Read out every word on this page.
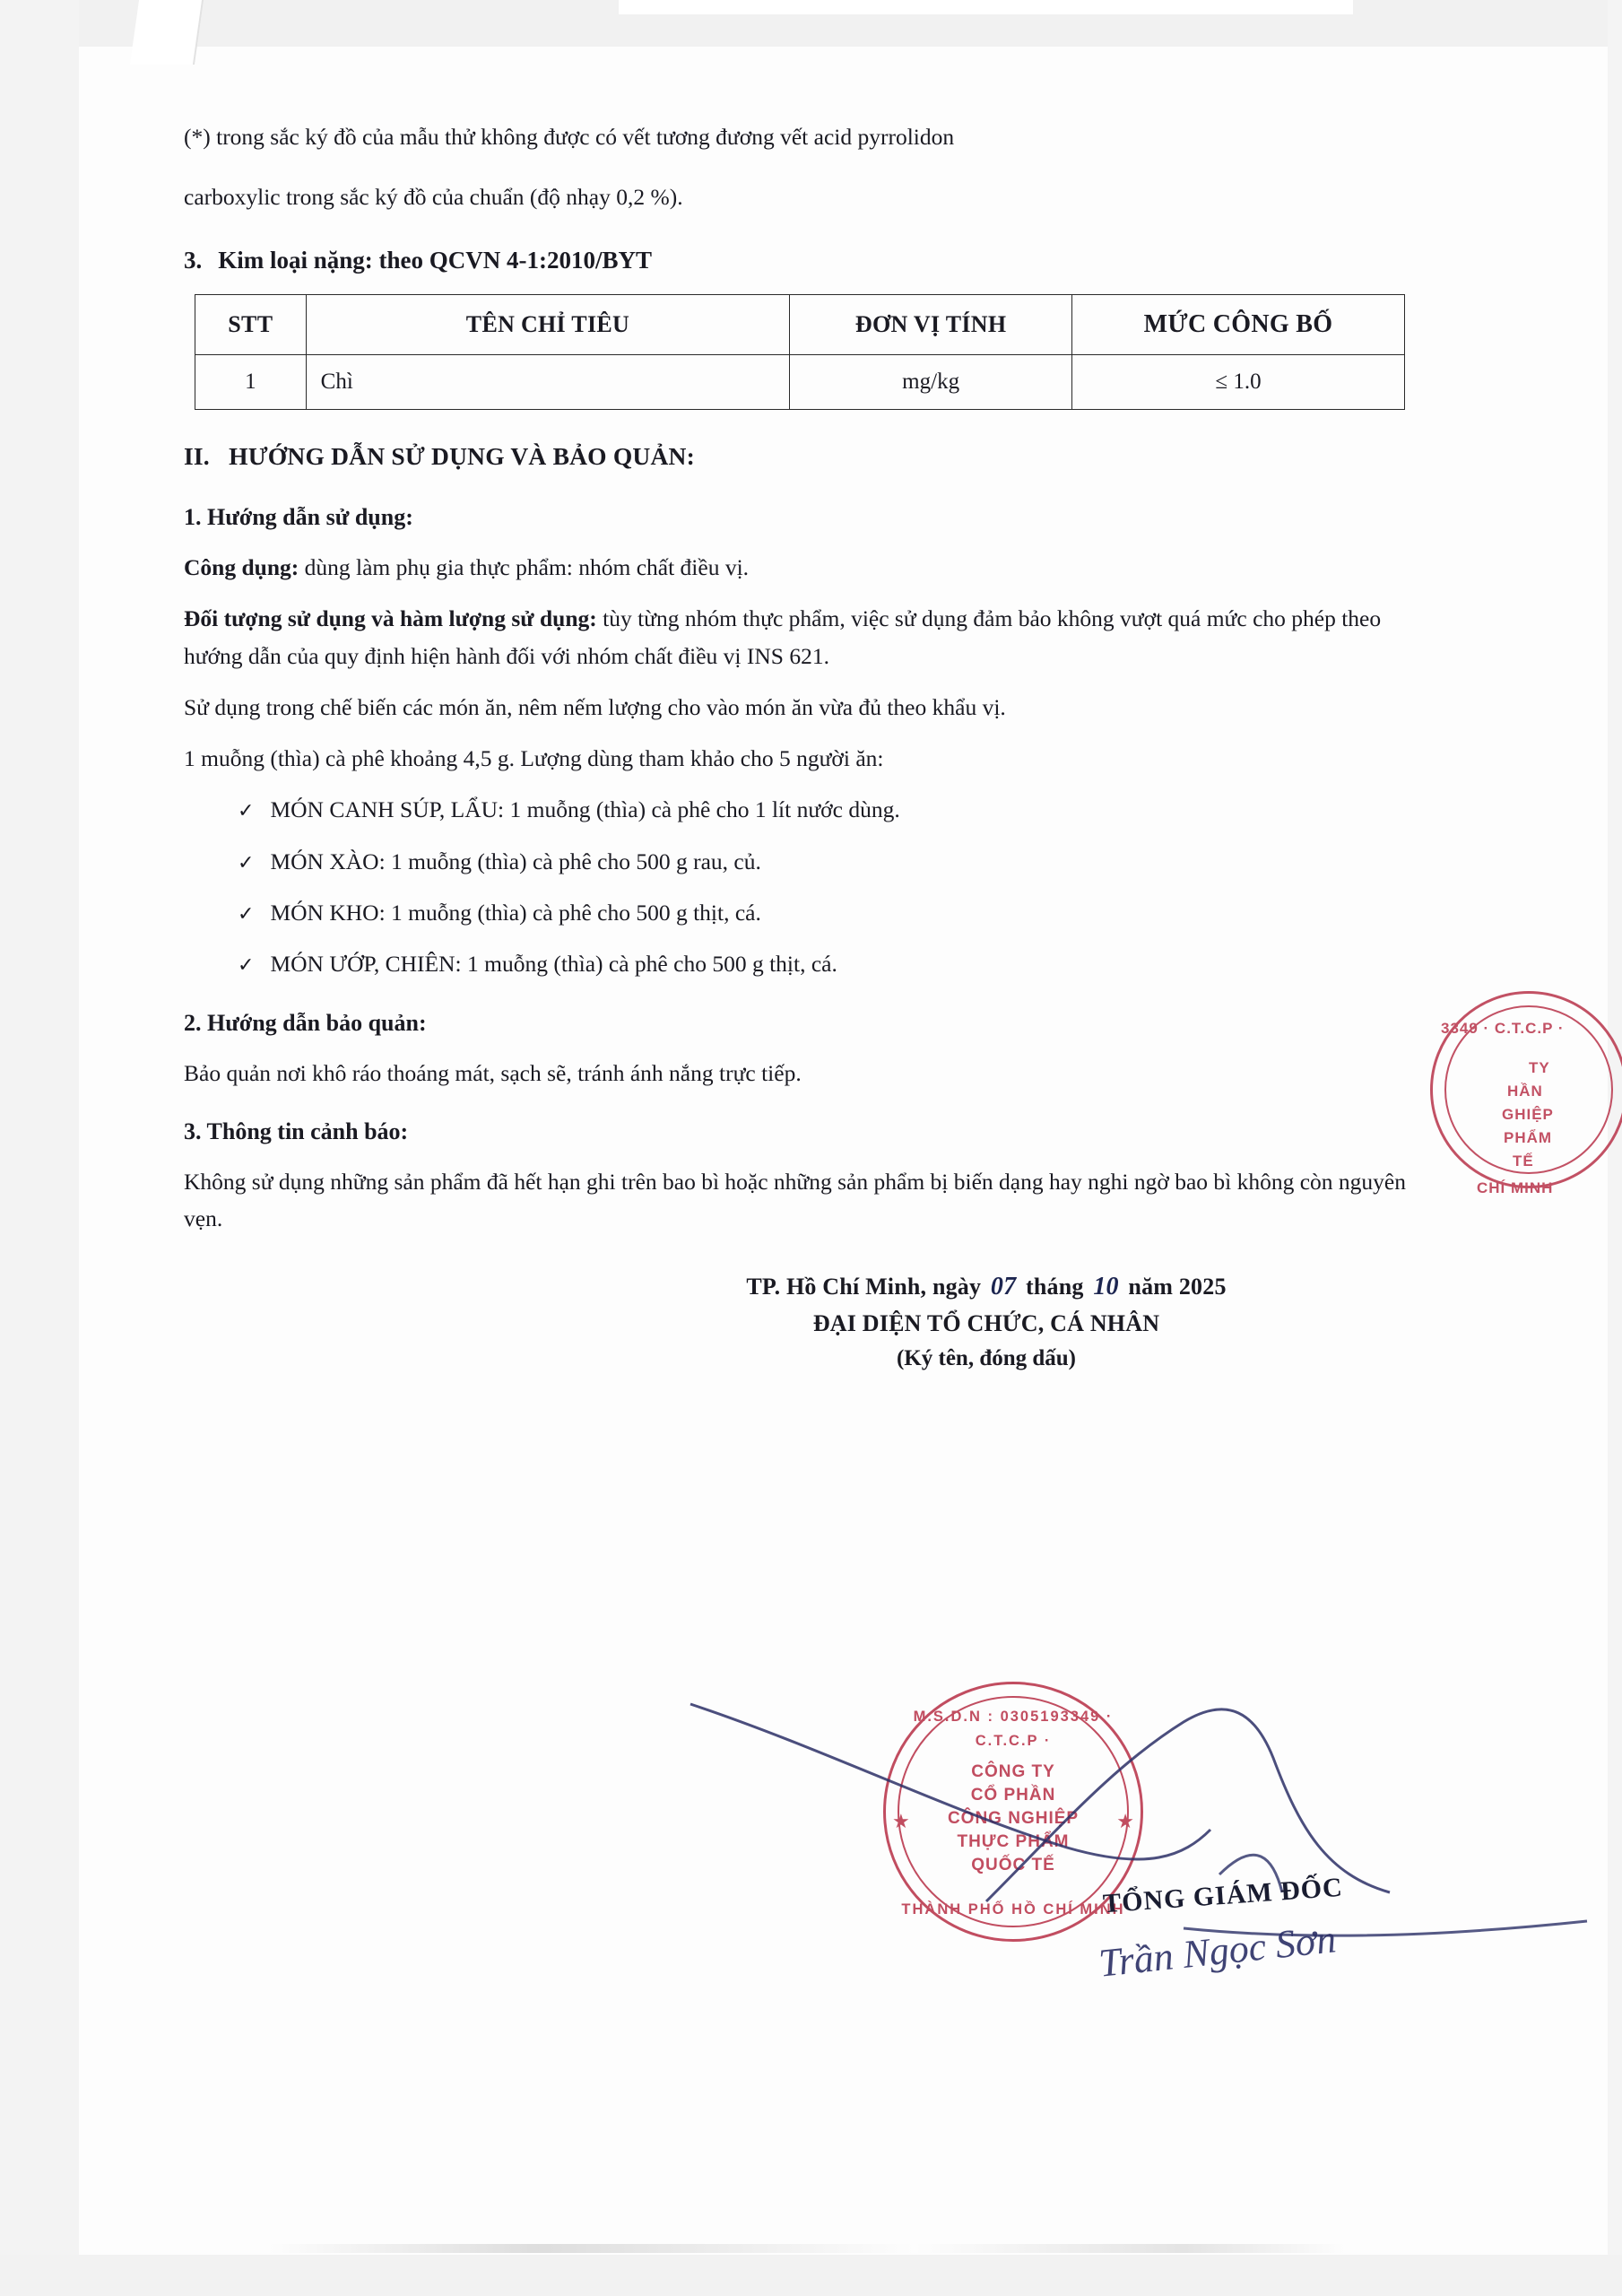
(*) trong sắc ký đồ của mẫu thử không được có vết tương đương vết acid pyrrolidon

carboxylic trong sắc ký đồ của chuẩn (độ nhạy 0,2 %).

3. Kim loại nặng: theo QCVN 4-1:2010/BYT
STT	TÊN CHỈ TIÊU	ĐƠN VỊ TÍNH	MỨC CÔNG BỐ
1	Chì	mg/kg	≤ 1.0
II. HƯỚNG DẪN SỬ DỤNG VÀ BẢO QUẢN:
1. Hướng dẫn sử dụng:

Công dụng: dùng làm phụ gia thực phẩm: nhóm chất điều vị.

Đối tượng sử dụng và hàm lượng sử dụng: tùy từng nhóm thực phẩm, việc sử dụng đảm bảo không vượt quá mức cho phép theo hướng dẫn của quy định hiện hành đối với nhóm chất điều vị INS 621.

Sử dụng trong chế biến các món ăn, nêm nếm lượng cho vào món ăn vừa đủ theo khẩu vị.

1 muỗng (thìa) cà phê khoảng 4,5 g. Lượng dùng tham khảo cho 5 người ăn:

✓ MÓN CANH SÚP, LẨU: 1 muỗng (thìa) cà phê cho 1 lít nước dùng.
✓ MÓN XÀO: 1 muỗng (thìa) cà phê cho 500 g rau, củ.
✓ MÓN KHO: 1 muỗng (thìa) cà phê cho 500 g thịt, cá.
✓ MÓN ƯỚP, CHIÊN: 1 muỗng (thìa) cà phê cho 500 g thịt, cá.
2. Hướng dẫn bảo quản:

Bảo quản nơi khô ráo thoáng mát, sạch sẽ, tránh ánh nắng trực tiếp.

3. Thông tin cảnh báo:

Không sử dụng những sản phẩm đã hết hạn ghi trên bao bì hoặc những sản phẩm bị biến dạng hay nghi ngờ bao bì không còn nguyên vẹn.

TP. Hồ Chí Minh, ngày 07 tháng 10 năm 2025
ĐẠI DIỆN TỔ CHỨC, CÁ NHÂN
(Ký tên, đóng dấu)
3349 · C.T.C.P ·
TY
HẦN
GHIỆP
PHẨM
TẾ
CHÍ MINH
M.S.D.N : 0305193349 · C.T.C.P ·
CÔNG TY
CỔ PHẦN
CÔNG NGHIỆP
THỰC PHẨM
QUỐC TẾ
THÀNH PHỐ HỒ CHÍ MINH
★	★
TỔNG GIÁM ĐỐC
Trần Ngọc Sơn
